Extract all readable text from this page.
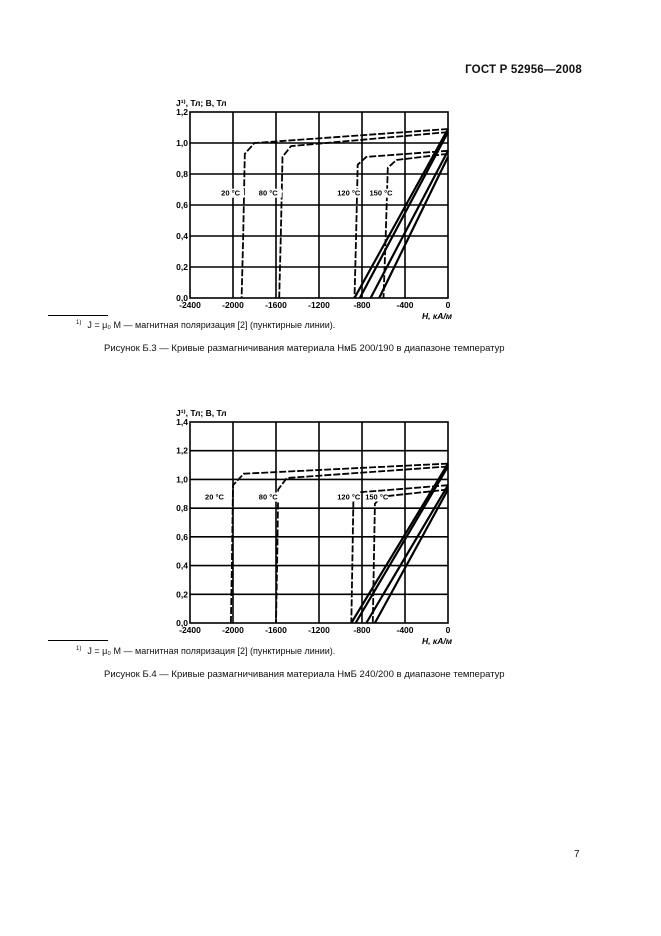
ГОСТ Р 52956—2008
-2400	-2000	-1600	-1200	-800	-400	0
0,0
0,2
0,4
0,6
0,8
1,0
1,2
J¹⁾, Тл; B, Тл
H, кА/м
20 °С	80 °С	120 °С 150 °С
$^{1)}$ J = μ₀ M — магнитная поляризация [2] (пунктирные линии).
Рисунок Б.3 — Кривые размагничивания материала НмБ 200/190 в диапазоне температур
-2400	-2000	-1600	-1200	-800	-400	0
0,0
0,2
0,4
0,6
0,8
1,0
1,2
1,4
J¹⁾, Тл; B, Тл
H, кА/м
20 °С	80 °С	120 °С 150 °С
$^{1)}$ J = μ₀ M — магнитная поляризация [2] (пунктирные линии).
Рисунок Б.4 — Кривые размагничивания материала НмБ 240/200 в диапазоне температур
7
